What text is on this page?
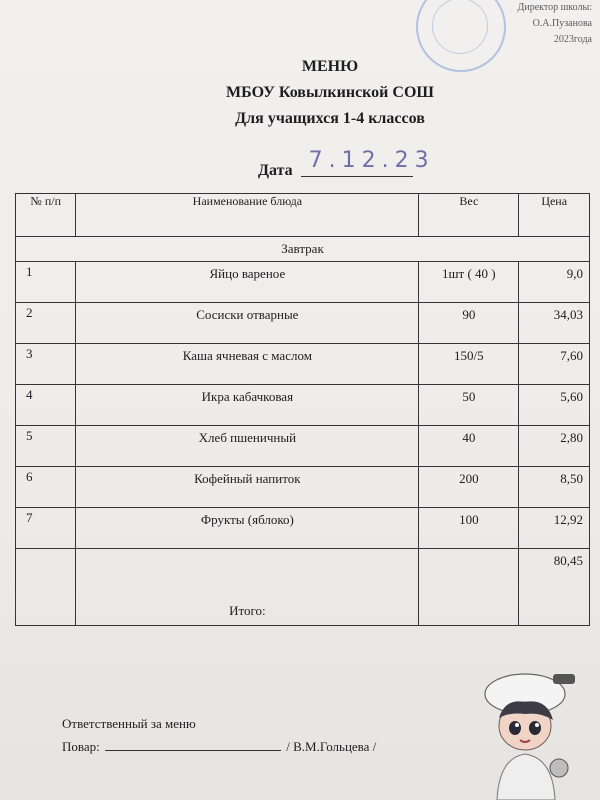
Директор школы:
О.А.Пузанова
2023года
МЕНЮ
МБОУ Ковылкинской СОШ
Для учащихся 1-4 классов
Дата 7.12.23
№ п/п	Наименование блюда	Вес	Цена
Завтрак			
1	Яйцо вареное	1шт ( 40 )	9,0
2	Сосиски отварные	90	34,03
3	Каша ячневая с маслом	150/5	7,60
4	Икра кабачковая	50	5,60
5	Хлеб пшеничный	40	2,80
6	Кофейный напиток	200	8,50
7	Фрукты (яблоко)	100	12,92
	Итого:		80,45
Ответственный за меню
Повар:	/ В.М.Гольцева /
